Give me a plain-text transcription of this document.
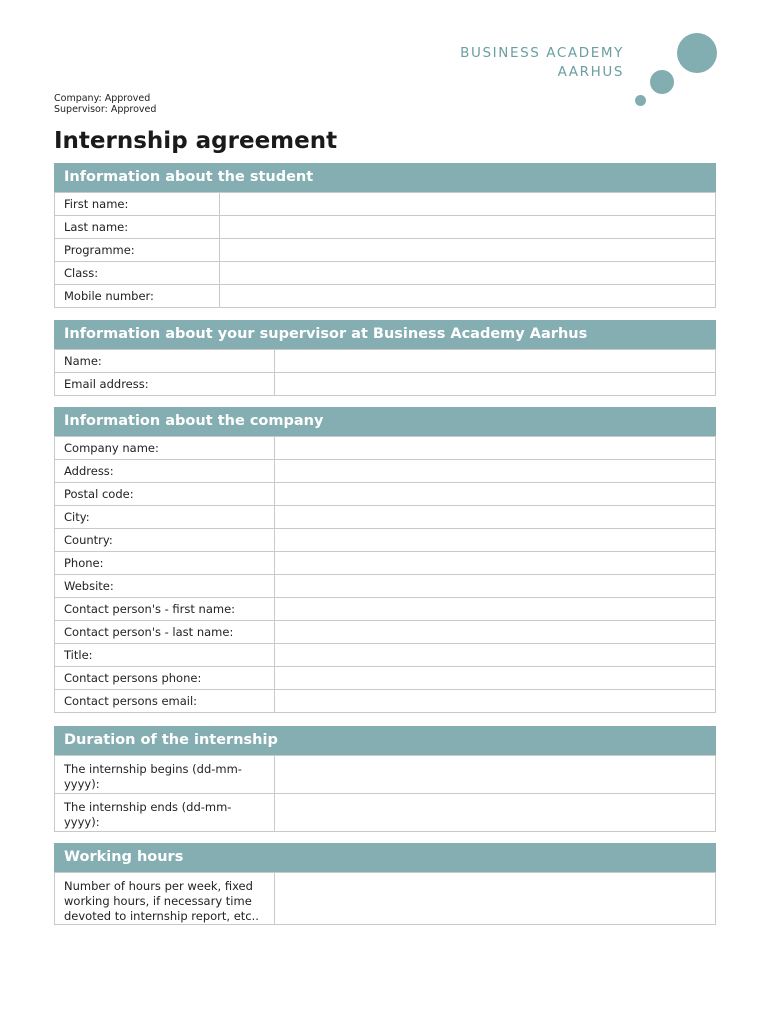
BUSINESS ACADEMY
AARHUS
Company: Approved
Supervisor: Approved
Internship agreement
Information about the student
First name:	
Last name:	
Programme:	
Class:	
Mobile number:	
Information about your supervisor at Business Academy Aarhus
Name:	
Email address:	
Information about the company
Company name:	
Address:	
Postal code:	
City:	
Country:	
Phone:	
Website:	
Contact person's - first name:	
Contact person's - last name:	
Title:	
Contact persons phone:	
Contact persons email:	
Duration of the internship
The internship begins (dd-mm-yyyy):	
The internship ends (dd-mm-yyyy):	
Working hours
Number of hours per week, fixed working hours, if necessary time devoted to internship report, etc..	
